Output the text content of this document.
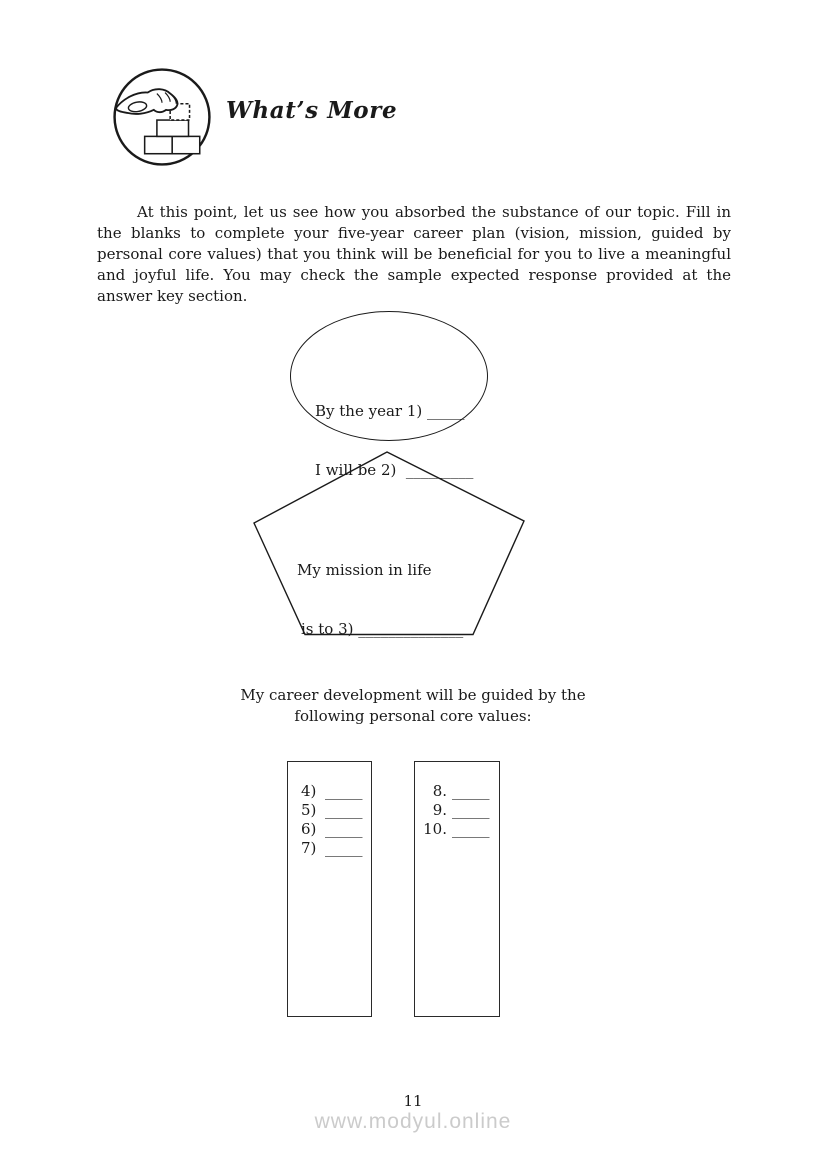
What’s More
At this point, let us see how you absorbed the substance of our topic. Fill in the blanks to complete your five-year career plan (vision, mission, guided by personal core values) that you think will be beneficial for you to live a meaningful and joyful life. You may check the sample expected response provided at the answer key section.

By the year 1) _____

I will be 2)  _________

My mission in life

is to 3) ______________

My career development will be guided by the
following personal core values:
4) _____
5) _____
6) _____
7) _____
8. _____
9. _____
10. _____
11
www.modyul.online
